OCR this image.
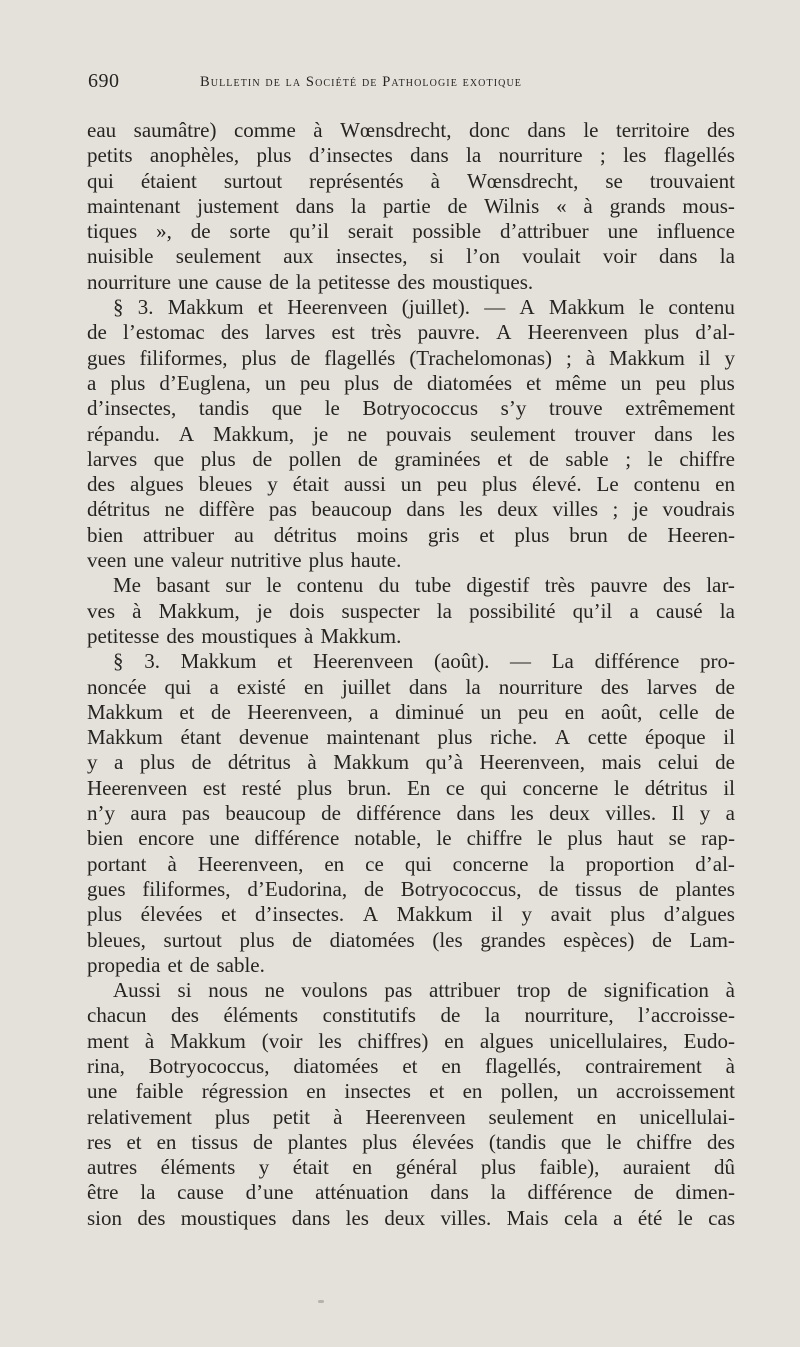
690	Bulletin de la Société de Pathologie exotique
eau saumâtre) comme à Wœnsdrecht, donc dans le territoire des
petits anophèles, plus d’insectes dans la nourriture ; les flagellés
qui étaient surtout représentés à Wœnsdrecht, se trouvaient
maintenant justement dans la partie de Wilnis « à grands mous-
tiques », de sorte qu’il serait possible d’attribuer une influence
nuisible seulement aux insectes, si l’on voulait voir dans la
nourriture une cause de la petitesse des moustiques.
§ 3. Makkum et Heerenveen (juillet). — A Makkum le contenu
de l’estomac des larves est très pauvre. A Heerenveen plus d’al-
gues filiformes, plus de flagellés (Trachelomonas) ; à Makkum il y
a plus d’Euglena, un peu plus de diatomées et même un peu plus
d’insectes, tandis que le Botryococcus s’y trouve extrêmement
répandu. A Makkum, je ne pouvais seulement trouver dans les
larves que plus de pollen de graminées et de sable ; le chiffre
des algues bleues y était aussi un peu plus élevé. Le contenu en
détritus ne diffère pas beaucoup dans les deux villes ; je voudrais
bien attribuer au détritus moins gris et plus brun de Heeren-
veen une valeur nutritive plus haute.
Me basant sur le contenu du tube digestif très pauvre des lar-
ves à Makkum, je dois suspecter la possibilité qu’il a causé la
petitesse des moustiques à Makkum.
§ 3. Makkum et Heerenveen (août). — La différence pro-
noncée qui a existé en juillet dans la nourriture des larves de
Makkum et de Heerenveen, a diminué un peu en août, celle de
Makkum étant devenue maintenant plus riche. A cette époque il
y a plus de détritus à Makkum qu’à Heerenveen, mais celui de
Heerenveen est resté plus brun. En ce qui concerne le détritus il
n’y aura pas beaucoup de différence dans les deux villes. Il y a
bien encore une différence notable, le chiffre le plus haut se rap-
portant à Heerenveen, en ce qui concerne la proportion d’al-
gues filiformes, d’Eudorina, de Botryococcus, de tissus de plantes
plus élevées et d’insectes. A Makkum il y avait plus d’algues
bleues, surtout plus de diatomées (les grandes espèces) de Lam-
propedia et de sable.
Aussi si nous ne voulons pas attribuer trop de signification à
chacun des éléments constitutifs de la nourriture, l’accroisse-
ment à Makkum (voir les chiffres) en algues unicellulaires, Eudo-
rina, Botryococcus, diatomées et en flagellés, contrairement à
une faible régression en insectes et en pollen, un accroissement
relativement plus petit à Heerenveen seulement en unicellulai-
res et en tissus de plantes plus élevées (tandis que le chiffre des
autres éléments y était en général plus faible), auraient dû
être la cause d’une atténuation dans la différence de dimen-
sion des moustiques dans les deux villes. Mais cela a été le cas
